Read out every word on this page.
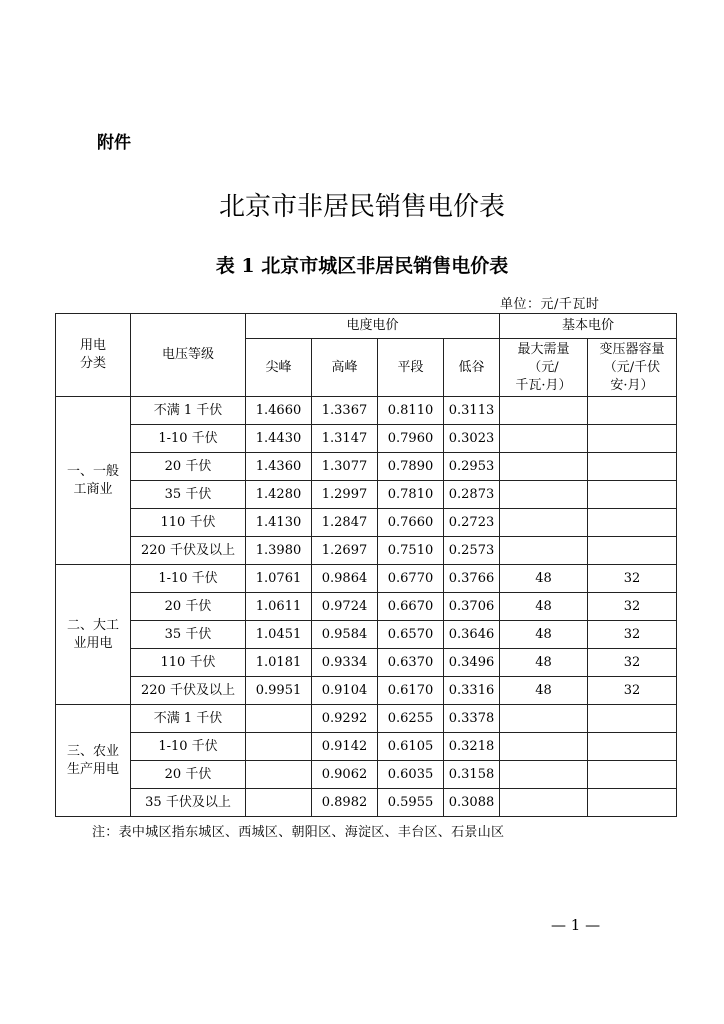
附件
北京市非居民销售电价表
表 1 北京市城区非居民销售电价表
单位：元/千瓦时
用电
分类	电压等级	电度电价				基本电价	
		尖峰	高峰	平段	低谷	最大需量
（元/
千瓦·月）	变压器容量
（元/千伏
安·月）
一、一般
工商业	不满 1 千伏	1.4660	1.3367	0.8110	0.3113		
	1-10 千伏	1.4430	1.3147	0.7960	0.3023		
	20 千伏	1.4360	1.3077	0.7890	0.2953		
	35 千伏	1.4280	1.2997	0.7810	0.2873		
	110 千伏	1.4130	1.2847	0.7660	0.2723		
	220 千伏及以上	1.3980	1.2697	0.7510	0.2573		
二、大工
业用电	1-10 千伏	1.0761	0.9864	0.6770	0.3766	48	32
	20 千伏	1.0611	0.9724	0.6670	0.3706	48	32
	35 千伏	1.0451	0.9584	0.6570	0.3646	48	32
	110 千伏	1.0181	0.9334	0.6370	0.3496	48	32
	220 千伏及以上	0.9951	0.9104	0.6170	0.3316	48	32
三、农业
生产用电	不满 1 千伏		0.9292	0.6255	0.3378		
	1-10 千伏		0.9142	0.6105	0.3218		
	20 千伏		0.9062	0.6035	0.3158		
	35 千伏及以上		0.8982	0.5955	0.3088		
注：表中城区指东城区、西城区、朝阳区、海淀区、丰台区、石景山区
— 1 —
